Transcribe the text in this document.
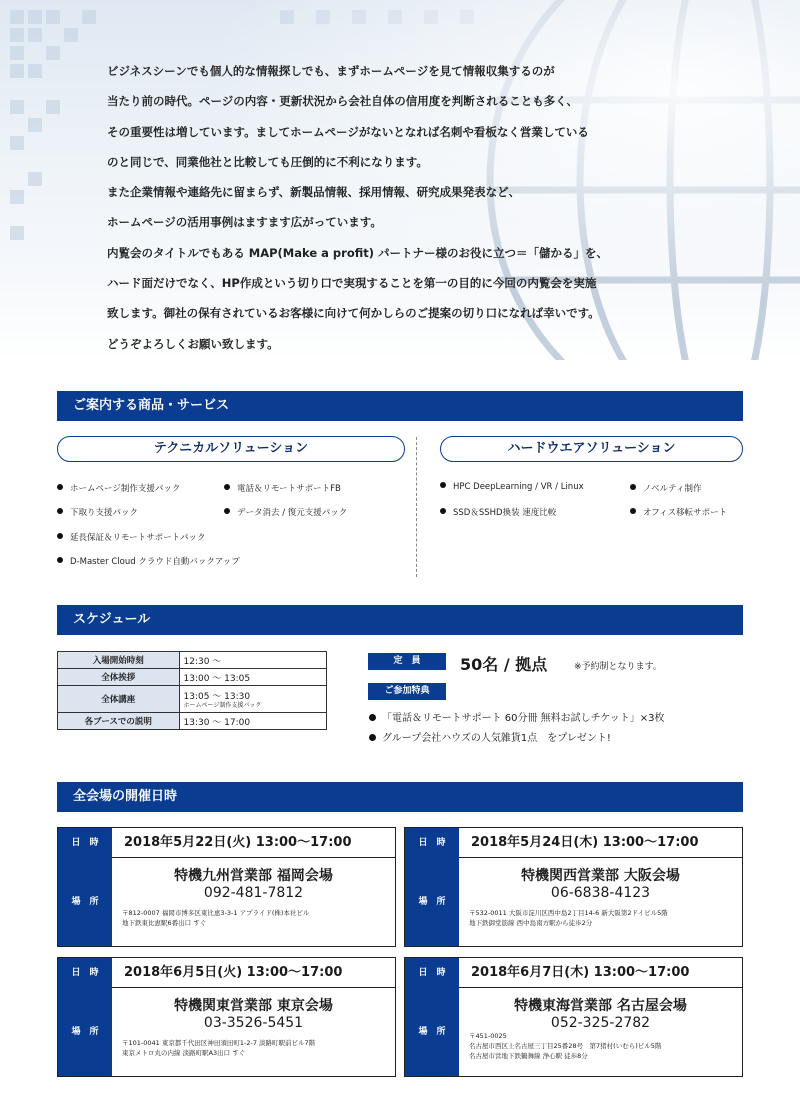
ビジネスシーンでも個人的な情報探しでも、まずホームページを見て情報収集するのが

当たり前の時代。ページの内容・更新状況から会社自体の信用度を判断されることも多く、

その重要性は増しています。ましてホームページがないとなれば名刺や看板なく営業している

のと同じで、同業他社と比較しても圧倒的に不利になります。

また企業情報や連絡先に留まらず、新製品情報、採用情報、研究成果発表など、

ホームページの活用事例はますます広がっています。

内覧会のタイトルでもある MAP(Make a profit) パートナー様のお役に立つ＝「儲かる」を、

ハード面だけでなく、HP作成という切り口で実現することを第一の目的に今回の内覧会を実施

致します。御社の保有されているお客様に向けて何かしらのご提案の切り口になれば幸いです。

どうぞよろしくお願い致します。

ご案内する商品・サービス
テクニカルソリューション	ハードウエアソリューション
ホームページ制作支援パック	電話＆リモートサポートFB
下取り支援パック	データ消去 / 復元支援パック
延長保証＆リモートサポートパック
D-Master Cloud クラウド自動バックアップ
HPC DeepLearning / VR / Linux	ノベルティ制作
SSD＆SSHD換装 速度比較	オフィス移転サポート
スケジュール
入場開始時刻	12:30 ～
全体挨拶	13:00 ～ 13:05
全体講座	13:05 ～ 13:30
ホームページ制作支援パック

各ブースでの説明	13:30 ～ 17:00
定　員	50名 / 拠点	※予約制となります。
ご参加特典
「電話＆リモートサポート 60分冊 無料お試しチケット」×3枚
グループ会社ハウズの人気雑貨1点　をプレゼント!
全会場の開催日時
日　時
場　所
2018年5月22日(火) 13:00～17:00
特機九州営業部 福岡会場
092-481-7812
〒812-0007 福岡市博多区東比恵3-3-1 アプライド(株)本社ビル
地下鉄東比恵駅6番出口 すぐ
日　時
場　所
2018年5月24日(木) 13:00～17:00
特機関西営業部 大阪会場
06-6838-4123
〒532-0011 大阪市淀川区西中島2丁目14-6 新大阪第2ドイビル5階
地下鉄御堂筋線 西中島南方駅から徒歩2分
日　時
場　所
2018年6月5日(火) 13:00～17:00
特機関東営業部 東京会場
03-3526-5451
〒101-0041 東京都千代田区神田須田町1-2-7 淡路町駅前ビル7階
東京メトロ丸の内線 淡路町駅A3出口 すぐ
日　時
場　所
2018年6月7日(木) 13:00～17:00
特機東海営業部 名古屋会場
052-325-2782
〒451-0025
名古屋市西区上名古屋三丁目25番28号　第7猪村(いむら)ビル5階
名古屋市営地下鉄鶴舞線 浄心駅 徒歩8分
